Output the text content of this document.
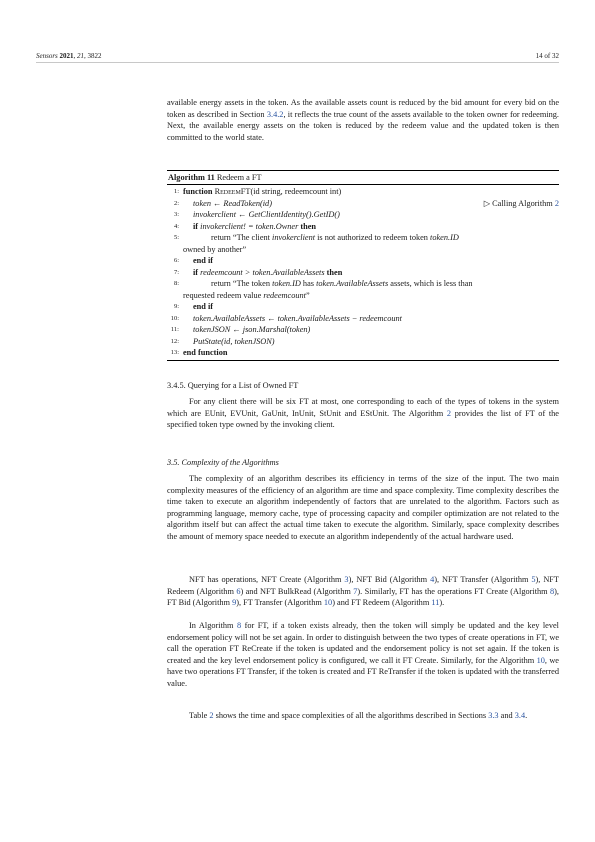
Sensors 2021, 21, 3822	14 of 32

available energy assets in the token. As the available assets count is reduced by the bid amount for every bid on the token as described in Section 3.4.2, it reflects the true count of the assets available to the token owner for redeeming. Next, the available energy assets on the token is reduced by the redeem value and the updated token is then committed to the world state.

Algorithm 11 Redeem a FT
1: function RedeemFT(id string, redeemcount int)
2: token ← ReadToken(id)	▷ Calling Algorithm 2
3: invokerclient ← GetClientIdentity().GetID()
4: if invokerclient! = token.Owner then
5:	return “The client invokerclient is not authorized to redeem token token.ID
owned by another”
6: end if
7: if redeemcount > token.AvailableAssets then
8:	return “The token token.ID has token.AvailableAssets assets, which is less than
requested redeem value redeemcount”
9: end if
10: token.AvailableAssets ← token.AvailableAssets − redeemcount
11: tokenJSON ← json.Marshal(token)
12: PutState(id, tokenJSON)
13: end function
3.4.5. Querying for a List of Owned FT

For any client there will be six FT at most, one corresponding to each of the types of tokens in the system which are EUnit, EVUnit, GaUnit, InUnit, StUnit and EStUnit. The Algorithm 2 provides the list of FT of the specified token type owned by the invoking client.

3.5. Complexity of the Algorithms

The complexity of an algorithm describes its efficiency in terms of the size of the input. The two main complexity measures of the efficiency of an algorithm are time and space complexity. Time complexity describes the time taken to execute an algorithm independently of factors that are unrelated to the algorithm. Factors such as programming language, memory cache, type of processing capacity and compiler optimization are not related to the algorithm itself but can affect the actual time taken to execute the algorithm. Similarly, space complexity describes the amount of memory space needed to execute an algorithm independently of the actual hardware used.

NFT has operations, NFT Create (Algorithm 3), NFT Bid (Algorithm 4), NFT Transfer (Algorithm 5), NFT Redeem (Algorithm 6) and NFT BulkRead (Algorithm 7). Similarly, FT has the operations FT Create (Algorithm 8), FT Bid (Algorithm 9), FT Transfer (Algorithm 10) and FT Redeem (Algorithm 11).

In Algorithm 8 for FT, if a token exists already, then the token will simply be updated and the key level endorsement policy will not be set again. In order to distinguish between the two types of create operations in FT, we call the operation FT ReCreate if the token is updated and the endorsement policy is not set again. If the token is created and the key level endorsement policy is configured, we call it FT Create. Similarly, for the Algorithm 10, we have two operations FT Transfer, if the token is created and FT ReTransfer if the token is updated with the transferred value.

Table 2 shows the time and space complexities of all the algorithms described in Sections 3.3 and 3.4.
